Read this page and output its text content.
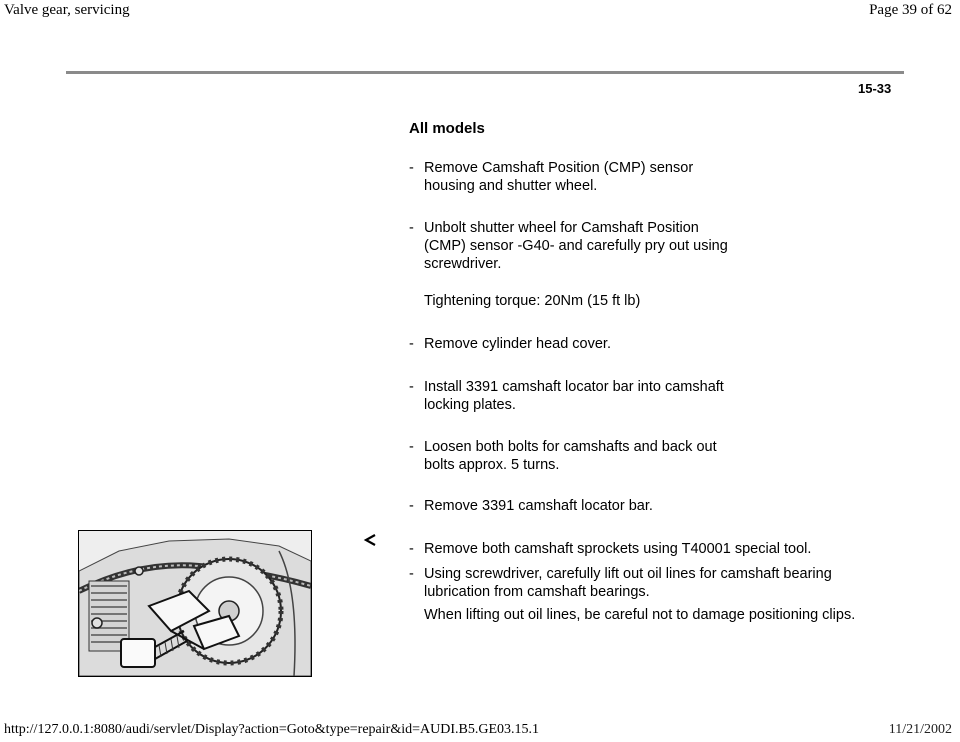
Valve gear, servicing	Page 39 of 62
15-33
All models
- Remove Camshaft Position (CMP) sensor
housing and shutter wheel.
- Unbolt shutter wheel for Camshaft Position
(CMP) sensor -G40- and carefully pry out using
screwdriver.
Tightening torque: 20Nm (15 ft lb)
- Remove cylinder head cover.
- Install 3391 camshaft locator bar into camshaft
locking plates.
- Loosen both bolts for camshafts and back out
bolts approx. 5 turns.
- Remove 3391 camshaft locator bar.
- Remove both camshaft sprockets using T40001 special tool.
- Using screwdriver, carefully lift out oil lines for camshaft bearing
lubrication from camshaft bearings.
When lifting out oil lines, be careful not to damage positioning clips.
http://127.0.0.1:8080/audi/servlet/Display?action=Goto&type=repair&id=AUDI.B5.GE03.15.1	11/21/2002
